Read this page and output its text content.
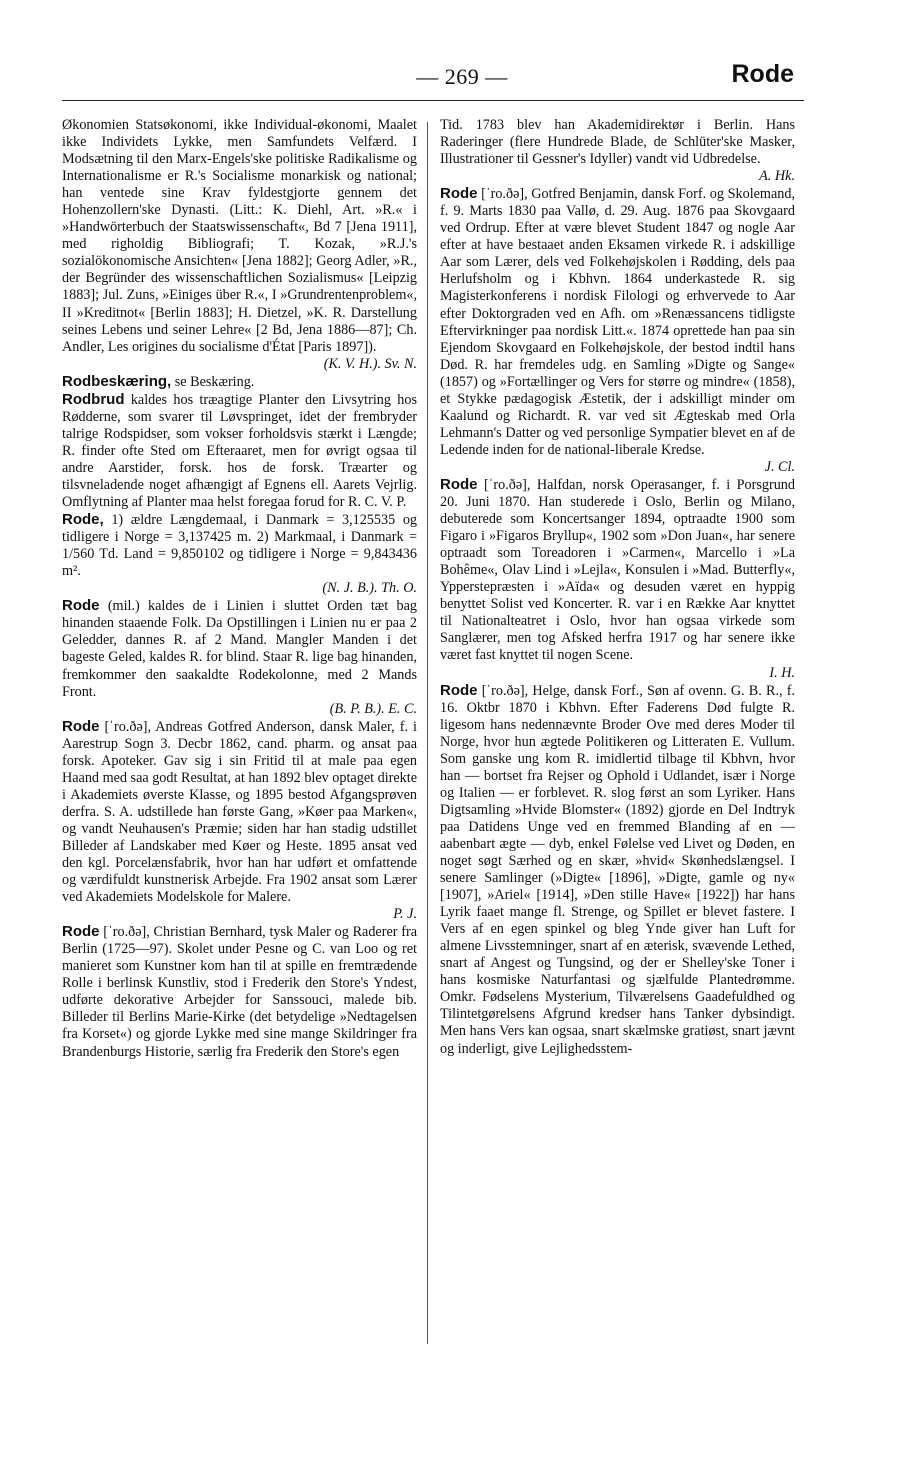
— 269 —	Rode

Økonomien Statsøkonomi, ikke Individual-økonomi, Maalet ikke Individets Lykke, men Samfundets Velfærd. I Modsætning til den Marx-Engels'ske politiske Radikalisme og Internationalisme er R.'s Socialisme monarkisk og national; han ventede sine Krav fyldestgjorte gennem det Hohenzollern'ske Dynasti. (Litt.: K. Diehl, Art. »R.« i »Handwörterbuch der Staatswissenschaft«, Bd 7 [Jena 1911], med righoldig Bibliografi; T. Kozak, »R.J.'s sozialökonomische Ansichten« [Jena 1882]; Georg Adler, »R., der Begründer des wissenschaftlichen Sozialismus« [Leipzig 1883]; Jul. Zuns, »Einiges über R.«, I »Grundrentenproblem«, II »Kreditnot« [Berlin 1883]; H. Dietzel, »K. R. Darstellung seines Lebens und seiner Lehre« [2 Bd, Jena 1886—87]; Ch. Andler, Les origines du socialisme d'État [Paris 1897]).

(K. V. H.). Sv. N.

Rodbeskæring, se Beskæring.

Rodbrud kaldes hos træagtige Planter den Livsytring hos Rødderne, som svarer til Løvspringet, idet der frembryder talrige Rodspidser, som vokser forholdsvis stærkt i Længde; R. finder ofte Sted om Efteraaret, men for øvrigt ogsaa til andre Aarstider, forsk. hos de forsk. Træarter og tilsvneladende noget afhængigt af Egnens ell. Aarets Vejrlig. Omflytning af Planter maa helst foregaa forud for R. C. V. P.

Rode, 1) ældre Længdemaal, i Danmark = 3,125535 og tidligere i Norge = 3,137425 m. 2) Markmaal, i Danmark = 1/560 Td. Land = 9,850102 og tidligere i Norge = 9,843436 m².

(N. J. B.). Th. O.

Rode (mil.) kaldes de i Linien i sluttet Orden tæt bag hinanden staaende Folk. Da Opstillingen i Linien nu er paa 2 Geledder, dannes R. af 2 Mand. Mangler Manden i det bageste Geled, kaldes R. for blind. Staar R. lige bag hinanden, fremkommer den saakaldte Rodekolonne, med 2 Mands Front.

(B. P. B.). E. C.

Rode [ˈro.ðə], Andreas Gotfred Anderson, dansk Maler, f. i Aarestrup Sogn 3. Decbr 1862, cand. pharm. og ansat paa forsk. Apoteker. Gav sig i sin Fritid til at male paa egen Haand med saa godt Resultat, at han 1892 blev optaget direkte i Akademiets øverste Klasse, og 1895 bestod Afgangsprøven derfra. S. A. udstillede han første Gang, »Køer paa Marken«, og vandt Neuhausen's Præmie; siden har han stadig udstillet Billeder af Landskaber med Køer og Heste. 1895 ansat ved den kgl. Porcelænsfabrik, hvor han har udført et omfattende og værdifuldt kunstnerisk Arbejde. Fra 1902 ansat som Lærer ved Akademiets Modelskole for Malere.

P. J.

Rode [ˈro.ðə], Christian Bernhard, tysk Maler og Raderer fra Berlin (1725—97). Skolet under Pesne og C. van Loo og ret manieret som Kunstner kom han til at spille en fremtrædende Rolle i berlinsk Kunstliv, stod i Frederik den Store's Yndest, udførte dekorative Arbejder for Sanssouci, malede bib. Billeder til Berlins Marie-Kirke (det betydelige »Nedtagelsen fra Korset«) og gjorde Lykke med sine mange Skildringer fra Brandenburgs Historie, særlig fra Frederik den Store's egen

Tid. 1783 blev han Akademidirektør i Berlin. Hans Raderinger (flere Hundrede Blade, de Schlüter'ske Masker, Illustrationer til Gessner's Idyller) vandt vid Udbredelse.

A. Hk.

Rode [ˈro.ðə], Gotfred Benjamin, dansk Forf. og Skolemand, f. 9. Marts 1830 paa Vallø, d. 29. Aug. 1876 paa Skovgaard ved Ordrup. Efter at være blevet Student 1847 og nogle Aar efter at have bestaaet anden Eksamen virkede R. i adskillige Aar som Lærer, dels ved Folkehøjskolen i Rødding, dels paa Herlufsholm og i Kbhvn. 1864 underkastede R. sig Magisterkonferens i nordisk Filologi og erhvervede to Aar efter Doktorgraden ved en Afh. om »Renæssancens tidligste Eftervirkninger paa nordisk Litt.«. 1874 oprettede han paa sin Ejendom Skovgaard en Folkehøjskole, der bestod indtil hans Død. R. har fremdeles udg. en Samling »Digte og Sange« (1857) og »Fortællinger og Vers for større og mindre« (1858), et Stykke pædagogisk Æstetik, der i adskilligt minder om Kaalund og Richardt. R. var ved sit Ægteskab med Orla Lehmann's Datter og ved personlige Sympatier blevet en af de Ledende inden for de national-liberale Kredse.

J. Cl.

Rode [ˈro.ðə], Halfdan, norsk Operasanger, f. i Porsgrund 20. Juni 1870. Han studerede i Oslo, Berlin og Milano, debuterede som Koncertsanger 1894, optraadte 1900 som Figaro i »Figaros Bryllup«, 1902 som »Don Juan«, har senere optraadt som Toreadoren i »Carmen«, Marcello i »La Bohême«, Olav Lind i »Lejla«, Konsulen i »Mad. Butterfly«, Ypperstepræsten i »Aïda« og desuden været en hyppig benyttet Solist ved Koncerter. R. var i en Række Aar knyttet til Nationalteatret i Oslo, hvor han ogsaa virkede som Sanglærer, men tog Afsked herfra 1917 og har senere ikke været fast knyttet til nogen Scene.

I. H.

Rode [ˈro.ðə], Helge, dansk Forf., Søn af ovenn. G. B. R., f. 16. Oktbr 1870 i Kbhvn. Efter Faderens Død fulgte R. ligesom hans nedennævnte Broder Ove med deres Moder til Norge, hvor hun ægtede Politikeren og Litteraten E. Vullum. Som ganske ung kom R. imidlertid tilbage til Kbhvn, hvor han — bortset fra Rejser og Ophold i Udlandet, især i Norge og Italien — er forblevet. R. slog først an som Lyriker. Hans Digtsamling »Hvide Blomster« (1892) gjorde en Del Indtryk paa Datidens Unge ved en fremmed Blanding af en — aabenbart ægte — dyb, enkel Følelse ved Livet og Døden, en noget søgt Særhed og en skær, »hvid« Skønhedslængsel. I senere Samlinger (»Digte« [1896], »Digte, gamle og ny« [1907], »Ariel« [1914], »Den stille Have« [1922]) har hans Lyrik faaet mange fl. Strenge, og Spillet er blevet fastere. I Vers af en egen spinkel og bleg Ynde giver han Luft for almene Livsstemninger, snart af en æterisk, svævende Lethed, snart af Angest og Tungsind, og der er Shelley'ske Toner i hans kosmiske Naturfantasi og sjælfulde Plantedrømme. Omkr. Fødselens Mysterium, Tilværelsens Gaadefuldhed og Tilintetgørelsens Afgrund kredser hans Tanker dybsindigt. Men hans Vers kan ogsaa, snart skælmske gratiøst, snart jævnt og inderligt, give Lejlighedsstem-
